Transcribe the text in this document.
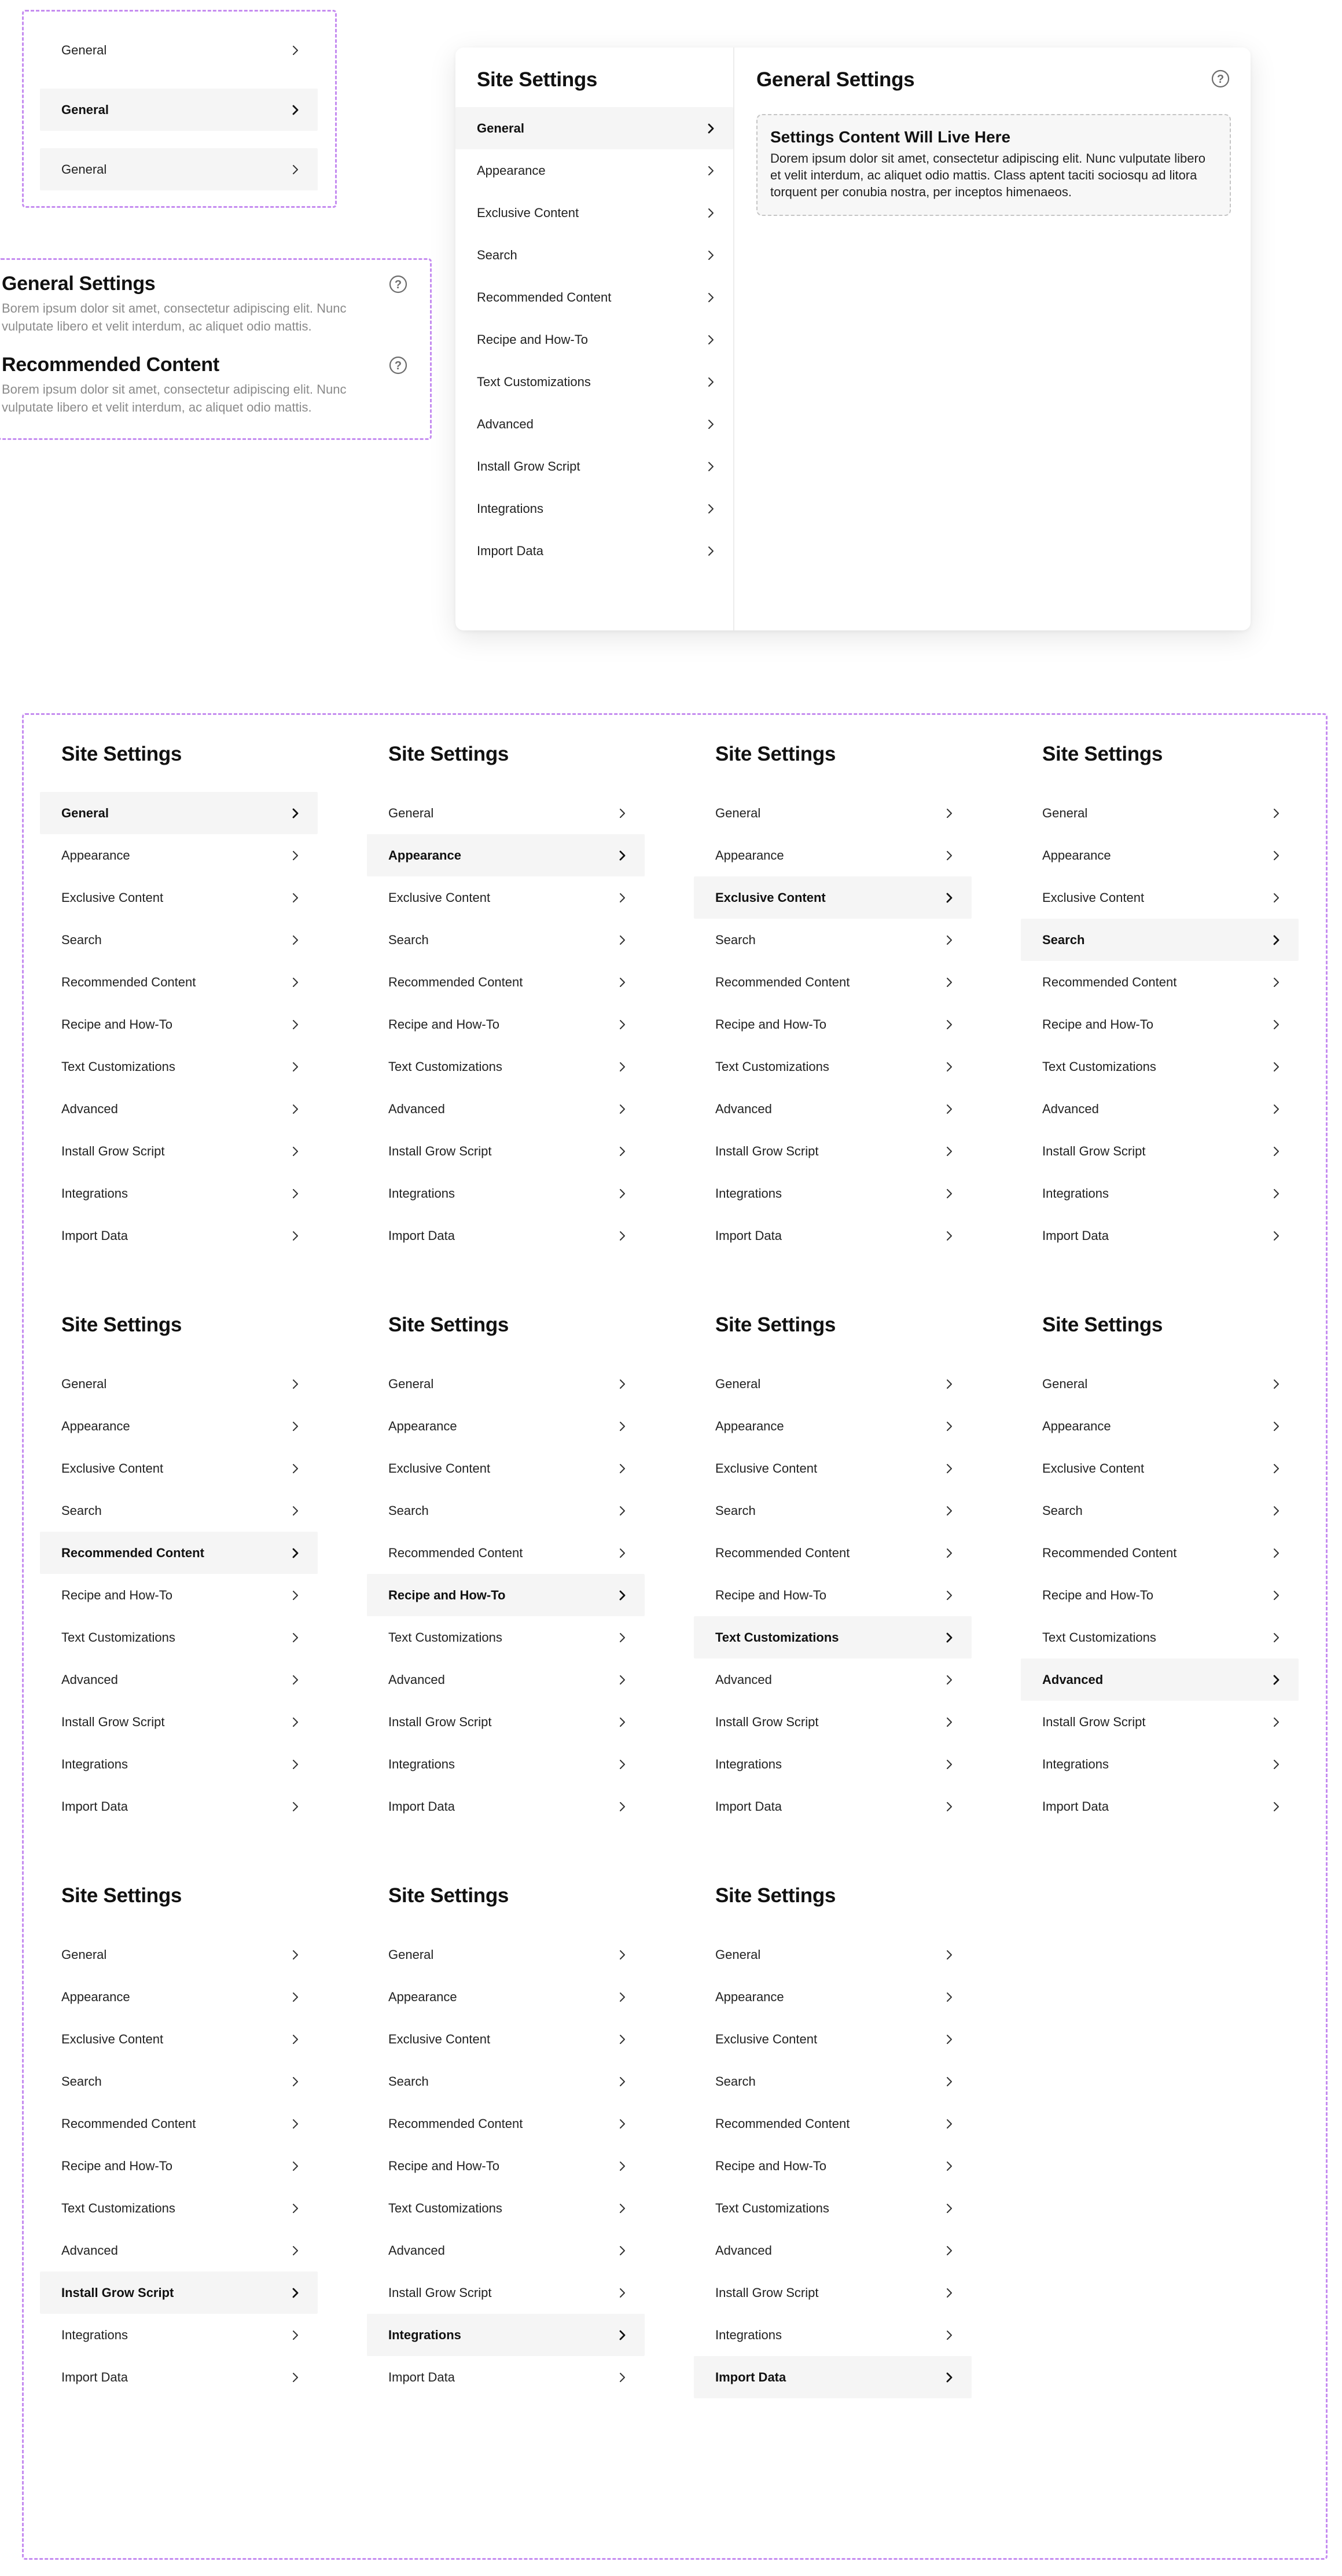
General
General
General
General Settings
Borem ipsum dolor sit amet, consectetur adipiscing elit. Nunc vulputate libero et velit interdum, ac aliquet odio mattis.
?
Recommended Content
Borem ipsum dolor sit amet, consectetur adipiscing elit. Nunc vulputate libero et velit interdum, ac aliquet odio mattis.
?
Site Settings
General
Appearance
Exclusive Content
Search
Recommended Content
Recipe and How-To
Text Customizations
Advanced
Install Grow Script
Integrations
Import Data
General Settings	?
Settings Content Will Live Here
Dorem ipsum dolor sit amet, consectetur adipiscing elit. Nunc vulputate libero et velit interdum, ac aliquet odio mattis. Class aptent taciti sociosqu ad litora torquent per conubia nostra, per inceptos himenaeos.
Site Settings
General
Appearance
Exclusive Content
Search
Recommended Content
Recipe and How-To
Text Customizations
Advanced
Install Grow Script
Integrations
Import Data
Site Settings
General
Appearance
Exclusive Content
Search
Recommended Content
Recipe and How-To
Text Customizations
Advanced
Install Grow Script
Integrations
Import Data
Site Settings
General
Appearance
Exclusive Content
Search
Recommended Content
Recipe and How-To
Text Customizations
Advanced
Install Grow Script
Integrations
Import Data
Site Settings
General
Appearance
Exclusive Content
Search
Recommended Content
Recipe and How-To
Text Customizations
Advanced
Install Grow Script
Integrations
Import Data
Site Settings
General
Appearance
Exclusive Content
Search
Recommended Content
Recipe and How-To
Text Customizations
Advanced
Install Grow Script
Integrations
Import Data
Site Settings
General
Appearance
Exclusive Content
Search
Recommended Content
Recipe and How-To
Text Customizations
Advanced
Install Grow Script
Integrations
Import Data
Site Settings
General
Appearance
Exclusive Content
Search
Recommended Content
Recipe and How-To
Text Customizations
Advanced
Install Grow Script
Integrations
Import Data
Site Settings
General
Appearance
Exclusive Content
Search
Recommended Content
Recipe and How-To
Text Customizations
Advanced
Install Grow Script
Integrations
Import Data
Site Settings
General
Appearance
Exclusive Content
Search
Recommended Content
Recipe and How-To
Text Customizations
Advanced
Install Grow Script
Integrations
Import Data
Site Settings
General
Appearance
Exclusive Content
Search
Recommended Content
Recipe and How-To
Text Customizations
Advanced
Install Grow Script
Integrations
Import Data
Site Settings
General
Appearance
Exclusive Content
Search
Recommended Content
Recipe and How-To
Text Customizations
Advanced
Install Grow Script
Integrations
Import Data
